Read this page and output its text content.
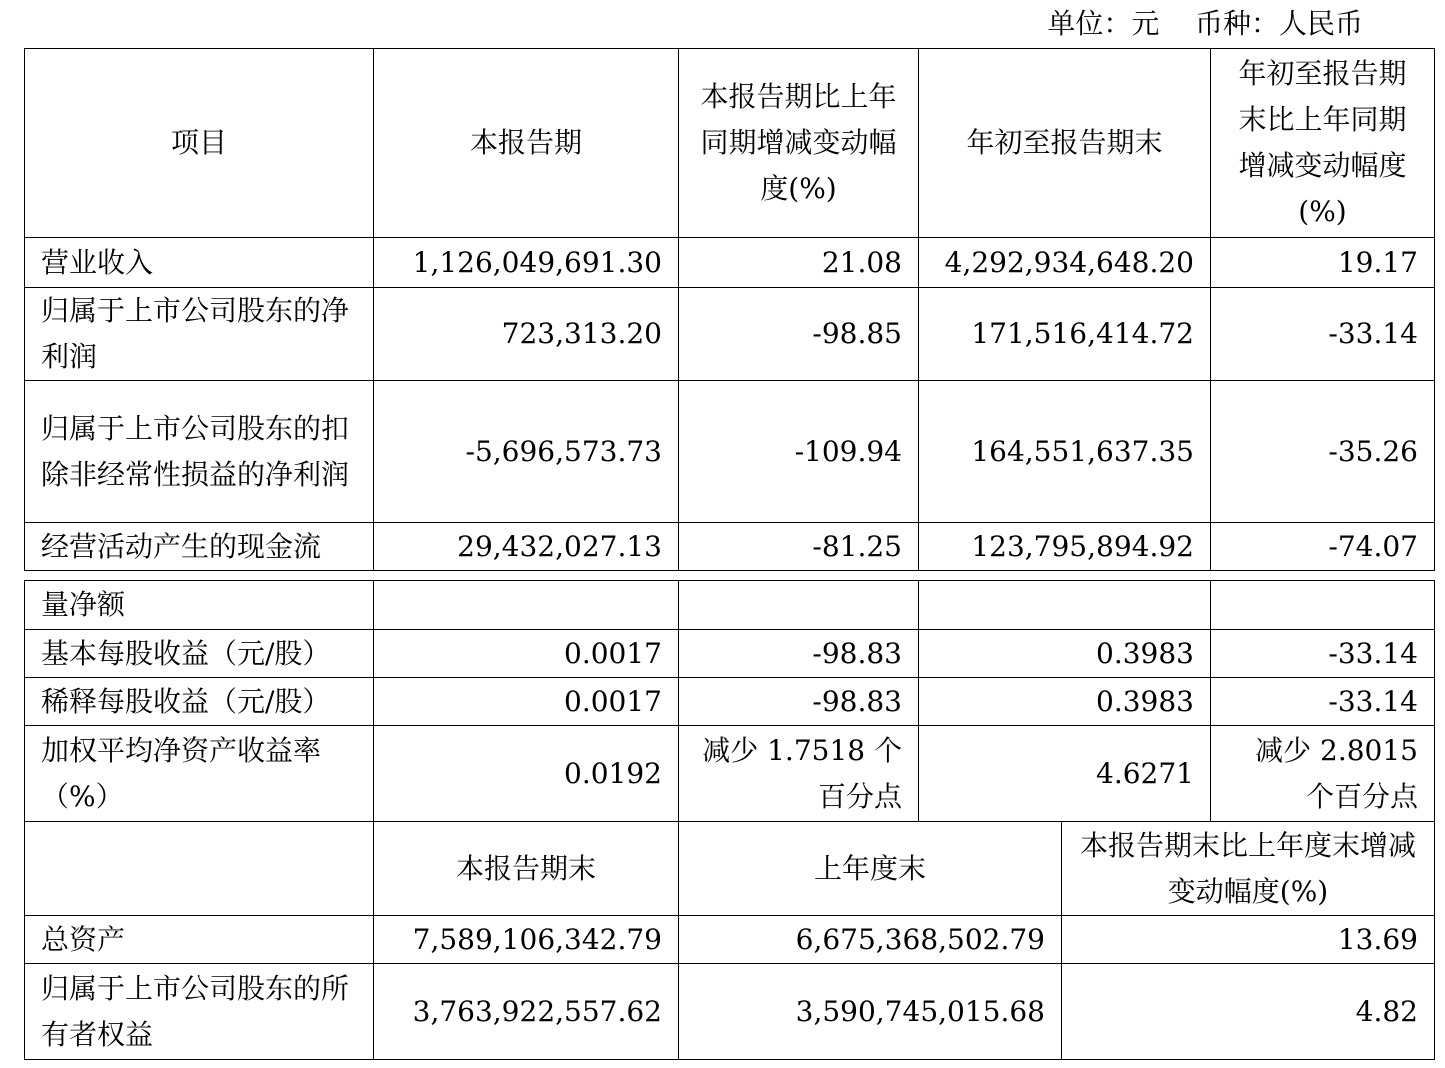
单位：元    币种：人民币
项目	本报告期	本报告期比上年同期增减变动幅度(%)	年初至报告期末	年初至报告期末比上年同期增减变动幅度(%)
营业收入	1,126,049,691.30	21.08	4,292,934,648.20	19.17
归属于上市公司股东的净利润	723,313.20	-98.85	171,516,414.72	-33.14
归属于上市公司股东的扣除非经常性损益的净利润	-5,696,573.73	-109.94	164,551,637.35	-35.26
经营活动产生的现金流	29,432,027.13	-81.25	123,795,894.92	-74.07
量净额					
基本每股收益（元/股）	0.0017	-98.83	0.3983		-33.14
稀释每股收益（元/股）	0.0017	-98.83	0.3983		-33.14
加权平均净资产收益率（%）	0.0192	减少 1.7518 个百分点	4.6271		减少 2.8015 个百分点
	本报告期末	上年度末		本报告期末比上年度末增减变动幅度(%)	
总资产	7,589,106,342.79	6,675,368,502.79		13.69	
归属于上市公司股东的所有者权益	3,763,922,557.62	3,590,745,015.68		4.82	
